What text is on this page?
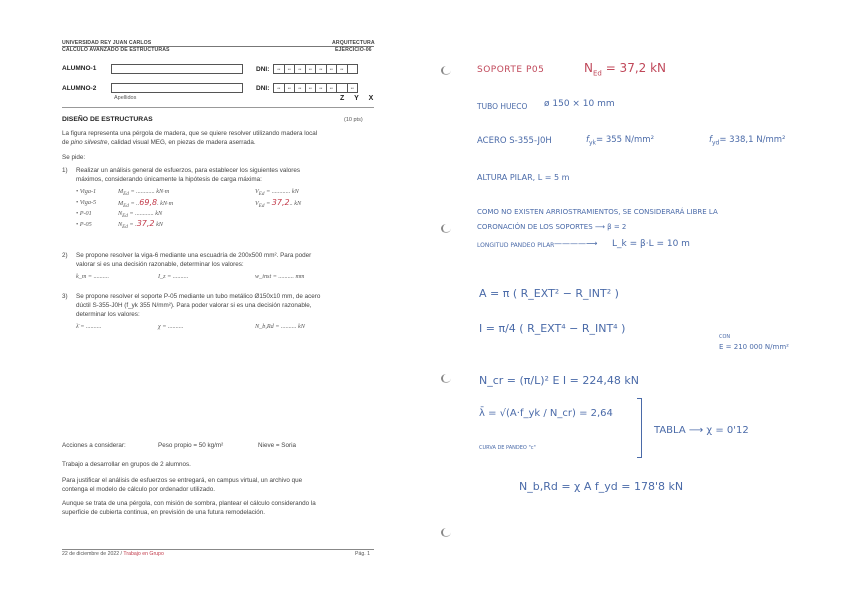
UNIVERSIDAD REY JUAN CARLOS
CÁLCULO AVANZADO DE ESTRUCTURAS
ARQUITECTURA
EJERCICIO-06
ALUMNO-1	DNI:	**	**	**	**	**	**	**
ALUMNO-2	DNI:	**	**	**	**	**	**	**
Apellidos	Z Y X
DISEÑO DE ESTRUCTURAS	(10 pts)
La figura representa una pérgola de madera, que se quiere resolver utilizando madera local
de pino silvestre, calidad visual MEG, en piezas de madera aserrada.
Se pide:
1) Realizar un análisis general de esfuerzos, para establecer los siguientes valores
máximos, considerando únicamente la hipótesis de carga máxima:
• Viga-1	$M_{Ed}$ = ............ kN·m	$V_{Ed}$ = ............ kN
• Viga-5	$M_{Ed} = ..69,8$. kN·m	$V_{Ed} = 37,2$.. kN
• P-01	$N_{Ed}$ = ............ kN
• P-05	$N_{Ed} = .37,2$ kN
2) Se propone resolver la viga-6 mediante una escuadría de 200x500 mm². Para poder
valorar si es una decisión razonable, determinar los valores:
k_m = ..........	I_z = ..........	w_inst = .......... mm
3) Se propone resolver el soporte P-05 mediante un tubo metálico Ø150x10 mm, de acero
dúctil S-355-J0H (f_yk 355 N/mm²). Para poder valorar si es una decisión razonable,
determinar los valores:
λ̄ = ..........	χ = ..........	N_b,Rd = .......... kN
Acciones a considerar:	Peso propio = 50 kg/m²	Nieve = Soria
Trabajo a desarrollar en grupos de 2 alumnos.
Para justificar el análisis de esfuerzos se entregará, en campus virtual, un archivo que
contenga el modelo de cálculo por ordenador utilizado.
Aunque se trata de una pérgola, con misión de sombra, plantear el cálculo considerando la
superficie de cubierta continua, en previsión de una futura remodelación.
22 de diciembre de 2022 / Trabajo en Grupo	Pág. 1
SOPORTE P05	$N_{Ed} = 37,2$ kN
TUBO HUECO ø 150 × 10 mm
ACERO S-355-J0H	$f_{yk}= 355$ N/mm²	$f_{yd}= 338,1$ N/mm²
ALTURA PILAR, L = 5 m
COMO NO EXISTEN ARRIOSTRAMIENTOS, SE CONSIDERARÁ LIBRE LA
CORONACIÓN DE LOS SOPORTES ⟶ β = 2
LONGITUD PANDEO PILAR ————⟶ L_k = β·L = 10 m
A = π ( R_EXT² − R_INT² )
I = π/4 ( R_EXT⁴ − R_INT⁴ )
CON
E = 210 000 N/mm²
N_cr = (π/L)² E I = 224,48 kN
λ̄ = √(A·f_yk / N_cr) = 2,64
CURVA DE PANDEO "c"
TABLA ⟶ χ = 0'12
N_b,Rd = χ A f_yd = 178'8 kN
